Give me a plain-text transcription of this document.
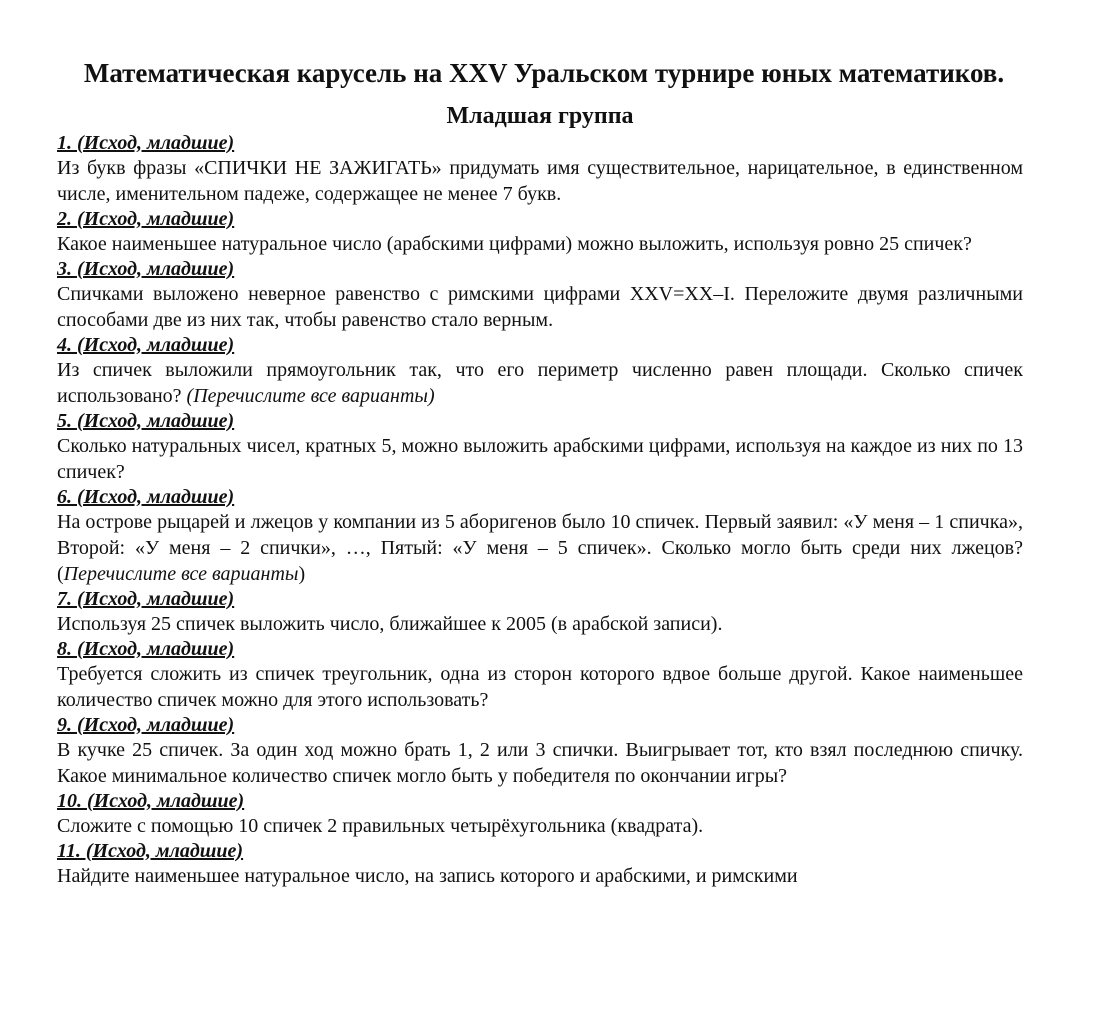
Математическая карусель на XXV Уральском турнире юных математиков.
Младшая группа
1. (Исход, младшие)

Из букв фразы «СПИЧКИ НЕ ЗАЖИГАТЬ» придумать имя существительное, нарицательное, в единственном числе, именительном падеже, содержащее не менее 7 букв.

2. (Исход, младшие)

Какое наименьшее натуральное число (арабскими цифрами) можно выложить, используя ровно 25 спичек?

3. (Исход, младшие)

Спичками выложено неверное равенство с римскими цифрами XXV=XX–I. Переложите двумя различными способами две из них так, чтобы равенство стало верным.

4. (Исход, младшие)

Из спичек выложили прямоугольник так, что его периметр численно равен площади. Сколько спичек использовано? (Перечислите все варианты)

5. (Исход, младшие)

Сколько натуральных чисел, кратных 5, можно выложить арабскими цифрами, используя на каждое из них по 13 спичек?

6. (Исход, младшие)

На острове рыцарей и лжецов у компании из 5 аборигенов было 10 спичек. Первый заявил: «У меня – 1 спичка», Второй: «У меня – 2 спички», …, Пятый: «У меня – 5 спичек». Сколько могло быть среди них лжецов? (Перечислите все варианты)

7. (Исход, младшие)

Используя 25 спичек выложить число, ближайшее к 2005 (в арабской записи).

8. (Исход, младшие)

Требуется сложить из спичек треугольник, одна из сторон которого вдвое больше другой. Какое наименьшее количество спичек можно для этого использовать?

9. (Исход, младшие)

В кучке 25 спичек. За один ход можно брать 1, 2 или 3 спички. Выигрывает тот, кто взял последнюю спичку. Какое минимальное количество спичек могло быть у победителя по окончании игры?

10. (Исход, младшие)

Сложите с помощью 10 спичек 2 правильных четырёхугольника (квадрата).

11. (Исход, младшие)

Найдите наименьшее натуральное число, на запись которого и арабскими, и римскими
